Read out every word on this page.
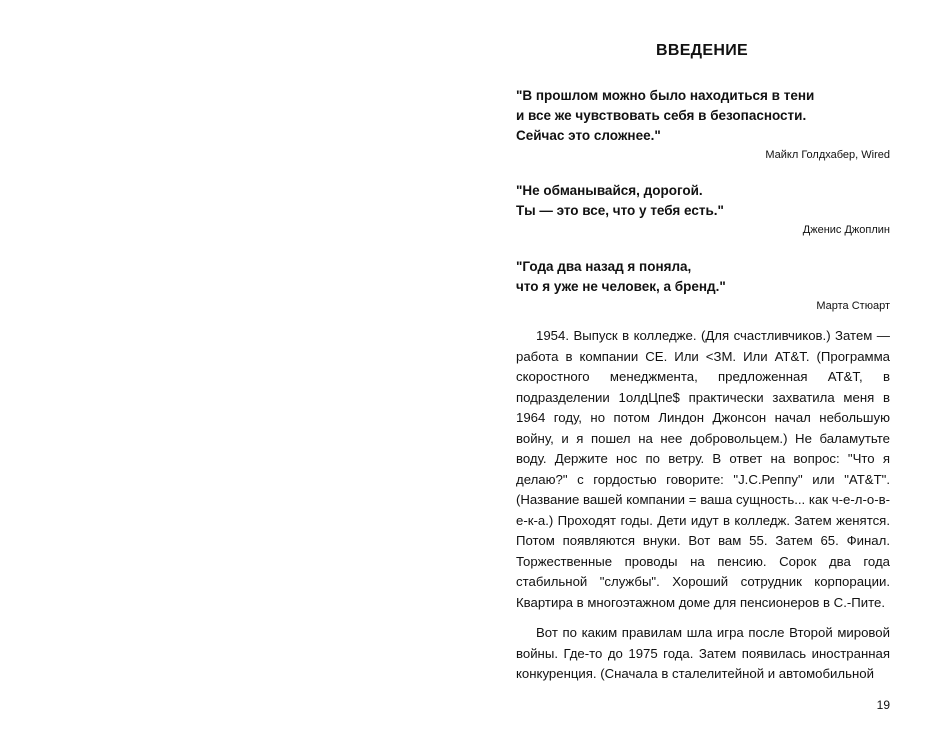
ВВЕДЕНИЕ
"В прошлом можно было находиться в тени
и все же чувствовать себя в безопасности.
Сейчас это сложнее."
Майкл Голдхабер, Wired
"Не обманывайся, дорогой.
Ты — это все, что у тебя есть."
Дженис Джоплин
"Года два назад я поняла,
что я уже не человек, а бренд."
Марта Стюарт

1954. Выпуск в колледже. (Для счастливчиков.) Затем — работа в компании СЕ. Или <ЗМ. Или AT&T. (Программа скоростного менеджмента, предложенная AT&T, в подразделении 1олдЦпе$ практически захватила меня в 1964 году, но потом Линдон Джонсон начал небольшую войну, и я пошел на нее добровольцем.) Не баламутьте воду. Держите нос по ветру. В ответ на вопрос: "Что я делаю?" с гордостью говорите: "J.С.Реппу" или "AT&T". (Название вашей компании = ваша сущность... как ч-е-л-о-в-е-к-а.) Проходят годы. Дети идут в колледж. Затем женятся. Потом появляются внуки. Вот вам 55. Затем 65. Финал. Торжественные проводы на пенсию. Сорок два года стабильной "службы". Хороший сотрудник корпорации. Квартира в многоэтажном доме для пенсионеров в С.-Пите.

Вот по каким правилам шла игра после Второй мировой войны. Где-то до 1975 года. Затем появилась иностранная конкуренция. (Сначала в сталелитейной и автомобильной

19
